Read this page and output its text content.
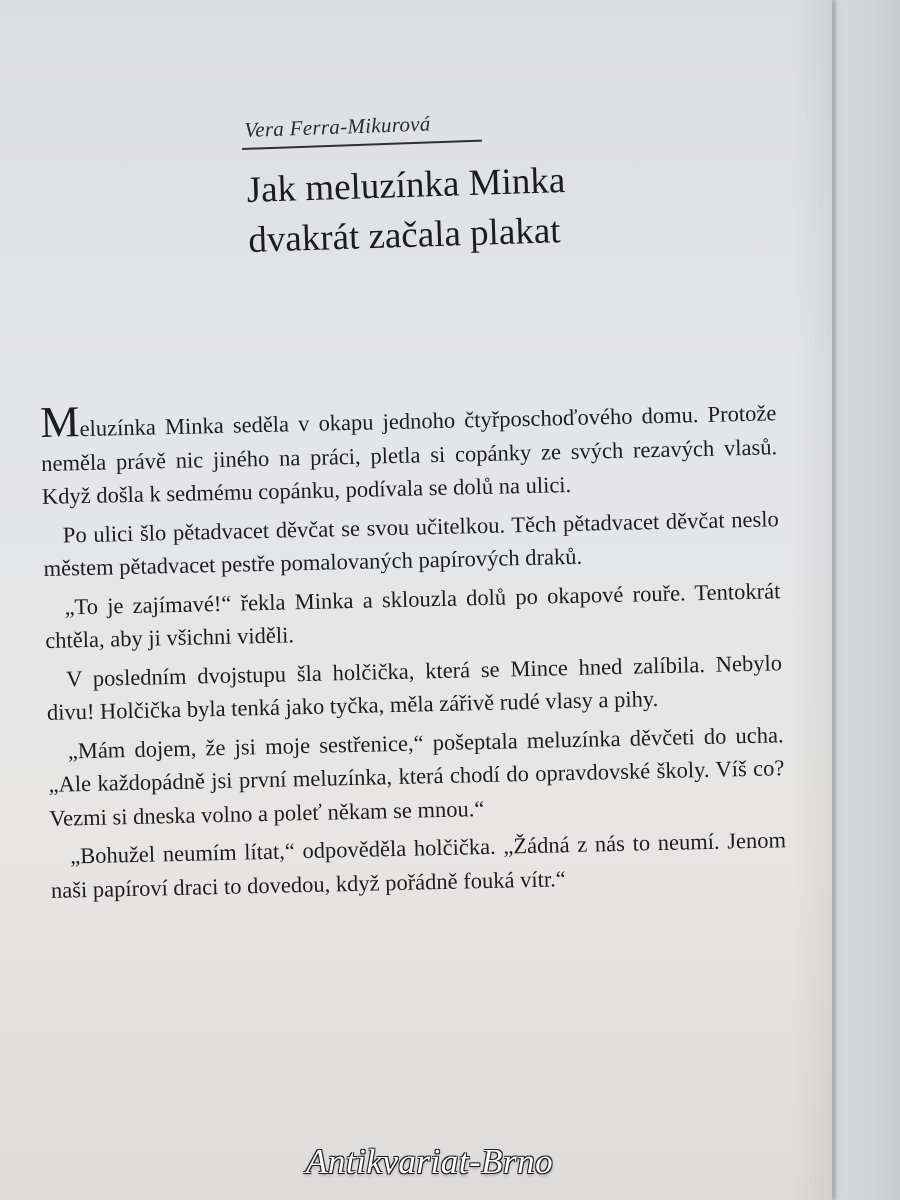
Vera Ferra-Mikurová
Jak meluzínka Minka
dvakrát začala plakat

Meluzínka Minka seděla v okapu jednoho čtyřposchoďového domu. Protože neměla právě nic jiného na práci, pletla si copánky ze svých rezavých vlasů. Když došla k sedmému copánku, podívala se dolů na ulici.

Po ulici šlo pětadvacet děvčat se svou učitelkou. Těch pětadvacet děvčat neslo městem pětadvacet pestře pomalovaných papírových draků.

„To je zajímavé!“ řekla Minka a sklouzla dolů po okapové rouře. Tentokrát chtěla, aby ji všichni viděli.

V posledním dvojstupu šla holčička, která se Mince hned zalíbila. Nebylo divu! Holčička byla tenká jako tyčka, měla zářivě rudé vlasy a pihy.

„Mám dojem, že jsi moje sestřenice,“ pošeptala meluzínka děvčeti do ucha. „Ale každopádně jsi první meluzínka, která chodí do opravdovské školy. Víš co? Vezmi si dneska volno a poleť někam se mnou.“

„Bohužel neumím lítat,“ odpověděla holčička. „Žádná z nás to neumí. Jenom naši papíroví draci to dovedou, když pořádně fouká vítr.“

Antikvariat-Brno
